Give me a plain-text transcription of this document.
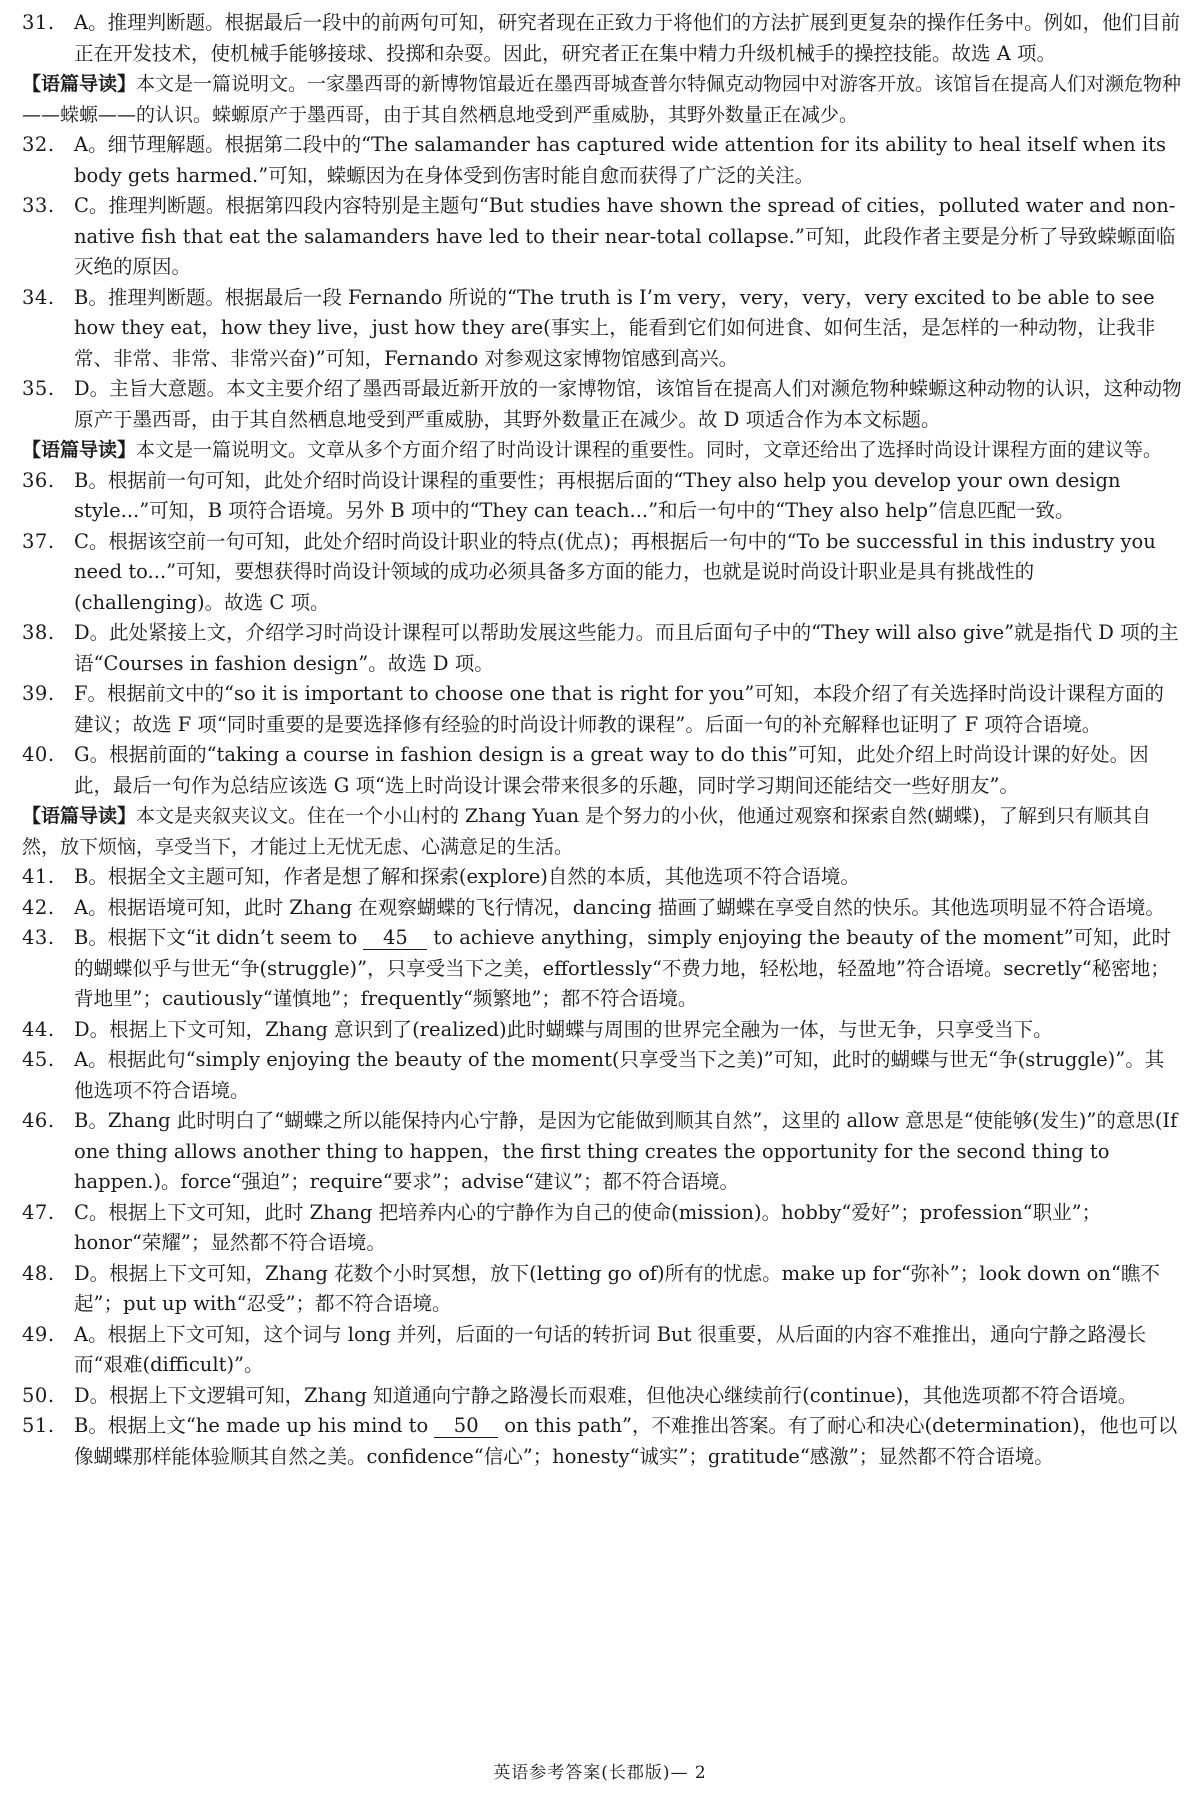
31. A。推理判断题。根据最后一段中的前两句可知，研究者现在正致力于将他们的方法扩展到更复杂的操作任务中。例如，他们目前正在开发技术，使机械手能够接球、投掷和杂耍。因此，研究者正在集中精力升级机械手的操控技能。故选 A 项。
【语篇导读】本文是一篇说明文。一家墨西哥的新博物馆最近在墨西哥城查普尔特佩克动物园中对游客开放。该馆旨在提高人们对濒危物种——蝾螈——的认识。蝾螈原产于墨西哥，由于其自然栖息地受到严重威胁，其野外数量正在减少。
32. A。细节理解题。根据第二段中的“The salamander has captured wide attention for its ability to heal itself when its body gets harmed.”可知，蝾螈因为在身体受到伤害时能自愈而获得了广泛的关注。
33. C。推理判断题。根据第四段内容特别是主题句“But studies have shown the spread of cities，polluted water and non-native fish that eat the salamanders have led to their near-total collapse.”可知，此段作者主要是分析了导致蝾螈面临灭绝的原因。
34. B。推理判断题。根据最后一段 Fernando 所说的“The truth is I’m very，very，very，very excited to be able to see how they eat，how they live，just how they are(事实上，能看到它们如何进食、如何生活，是怎样的一种动物，让我非常、非常、非常、非常兴奋)”可知，Fernando 对参观这家博物馆感到高兴。
35. D。主旨大意题。本文主要介绍了墨西哥最近新开放的一家博物馆，该馆旨在提高人们对濒危物种蝾螈这种动物的认识，这种动物原产于墨西哥，由于其自然栖息地受到严重威胁，其野外数量正在减少。故 D 项适合作为本文标题。
【语篇导读】本文是一篇说明文。文章从多个方面介绍了时尚设计课程的重要性。同时，文章还给出了选择时尚设计课程方面的建议等。
36. B。根据前一句可知，此处介绍时尚设计课程的重要性；再根据后面的“They also help you develop your own design style...”可知，B 项符合语境。另外 B 项中的“They can teach...”和后一句中的“They also help”信息匹配一致。
37. C。根据该空前一句可知，此处介绍时尚设计职业的特点(优点)；再根据后一句中的“To be successful in this industry you need to...”可知，要想获得时尚设计领域的成功必须具备多方面的能力，也就是说时尚设计职业是具有挑战性的(challenging)。故选 C 项。
38. D。此处紧接上文，介绍学习时尚设计课程可以帮助发展这些能力。而且后面句子中的“They will also give”就是指代 D 项的主语“Courses in fashion design”。故选 D 项。
39. F。根据前文中的“so it is important to choose one that is right for you”可知，本段介绍了有关选择时尚设计课程方面的建议；故选 F 项“同时重要的是要选择修有经验的时尚设计师教的课程”。后面一句的补充解释也证明了 F 项符合语境。
40. G。根据前面的“taking a course in fashion design is a great way to do this”可知，此处介绍上时尚设计课的好处。因此，最后一句作为总结应该选 G 项“选上时尚设计课会带来很多的乐趣，同时学习期间还能结交一些好朋友”。
【语篇导读】本文是夹叙夹议文。住在一个小山村的 Zhang Yuan 是个努力的小伙，他通过观察和探索自然(蝴蝶)，了解到只有顺其自然，放下烦恼，享受当下，才能过上无忧无虑、心满意足的生活。
41. B。根据全文主题可知，作者是想了解和探索(explore)自然的本质，其他选项不符合语境。
42. A。根据语境可知，此时 Zhang 在观察蝴蝶的飞行情况，dancing 描画了蝴蝶在享受自然的快乐。其他选项明显不符合语境。
43. B。根据下文“it didn’t seem to 45 to achieve anything，simply enjoying the beauty of the moment”可知，此时的蝴蝶似乎与世无“争(struggle)”，只享受当下之美，effortlessly“不费力地，轻松地，轻盈地”符合语境。secretly“秘密地；背地里”；cautiously“谨慎地”；frequently“频繁地”；都不符合语境。
44. D。根据上下文可知，Zhang 意识到了(realized)此时蝴蝶与周围的世界完全融为一体，与世无争，只享受当下。
45. A。根据此句“simply enjoying the beauty of the moment(只享受当下之美)”可知，此时的蝴蝶与世无“争(struggle)”。其他选项不符合语境。
46. B。Zhang 此时明白了“蝴蝶之所以能保持内心宁静，是因为它能做到顺其自然”，这里的 allow 意思是“使能够(发生)”的意思(If one thing allows another thing to happen，the first thing creates the opportunity for the second thing to happen.)。force“强迫”；require“要求”；advise“建议”；都不符合语境。
47. C。根据上下文可知，此时 Zhang 把培养内心的宁静作为自己的使命(mission)。hobby“爱好”；profession“职业”；honor“荣耀”；显然都不符合语境。
48. D。根据上下文可知，Zhang 花数个小时冥想，放下(letting go of)所有的忧虑。make up for“弥补”；look down on“瞧不起”；put up with“忍受”；都不符合语境。
49. A。根据上下文可知，这个词与 long 并列，后面的一句话的转折词 But 很重要，从后面的内容不难推出，通向宁静之路漫长而“艰难(difficult)”。
50. D。根据上下文逻辑可知，Zhang 知道通向宁静之路漫长而艰难，但他决心继续前行(continue)，其他选项都不符合语境。
51. B。根据上文“he made up his mind to 50 on this path”，不难推出答案。有了耐心和决心(determination)，他也可以像蝴蝶那样能体验顺其自然之美。confidence“信心”；honesty“诚实”；gratitude“感激”；显然都不符合语境。
英语参考答案(长郡版)— 2
